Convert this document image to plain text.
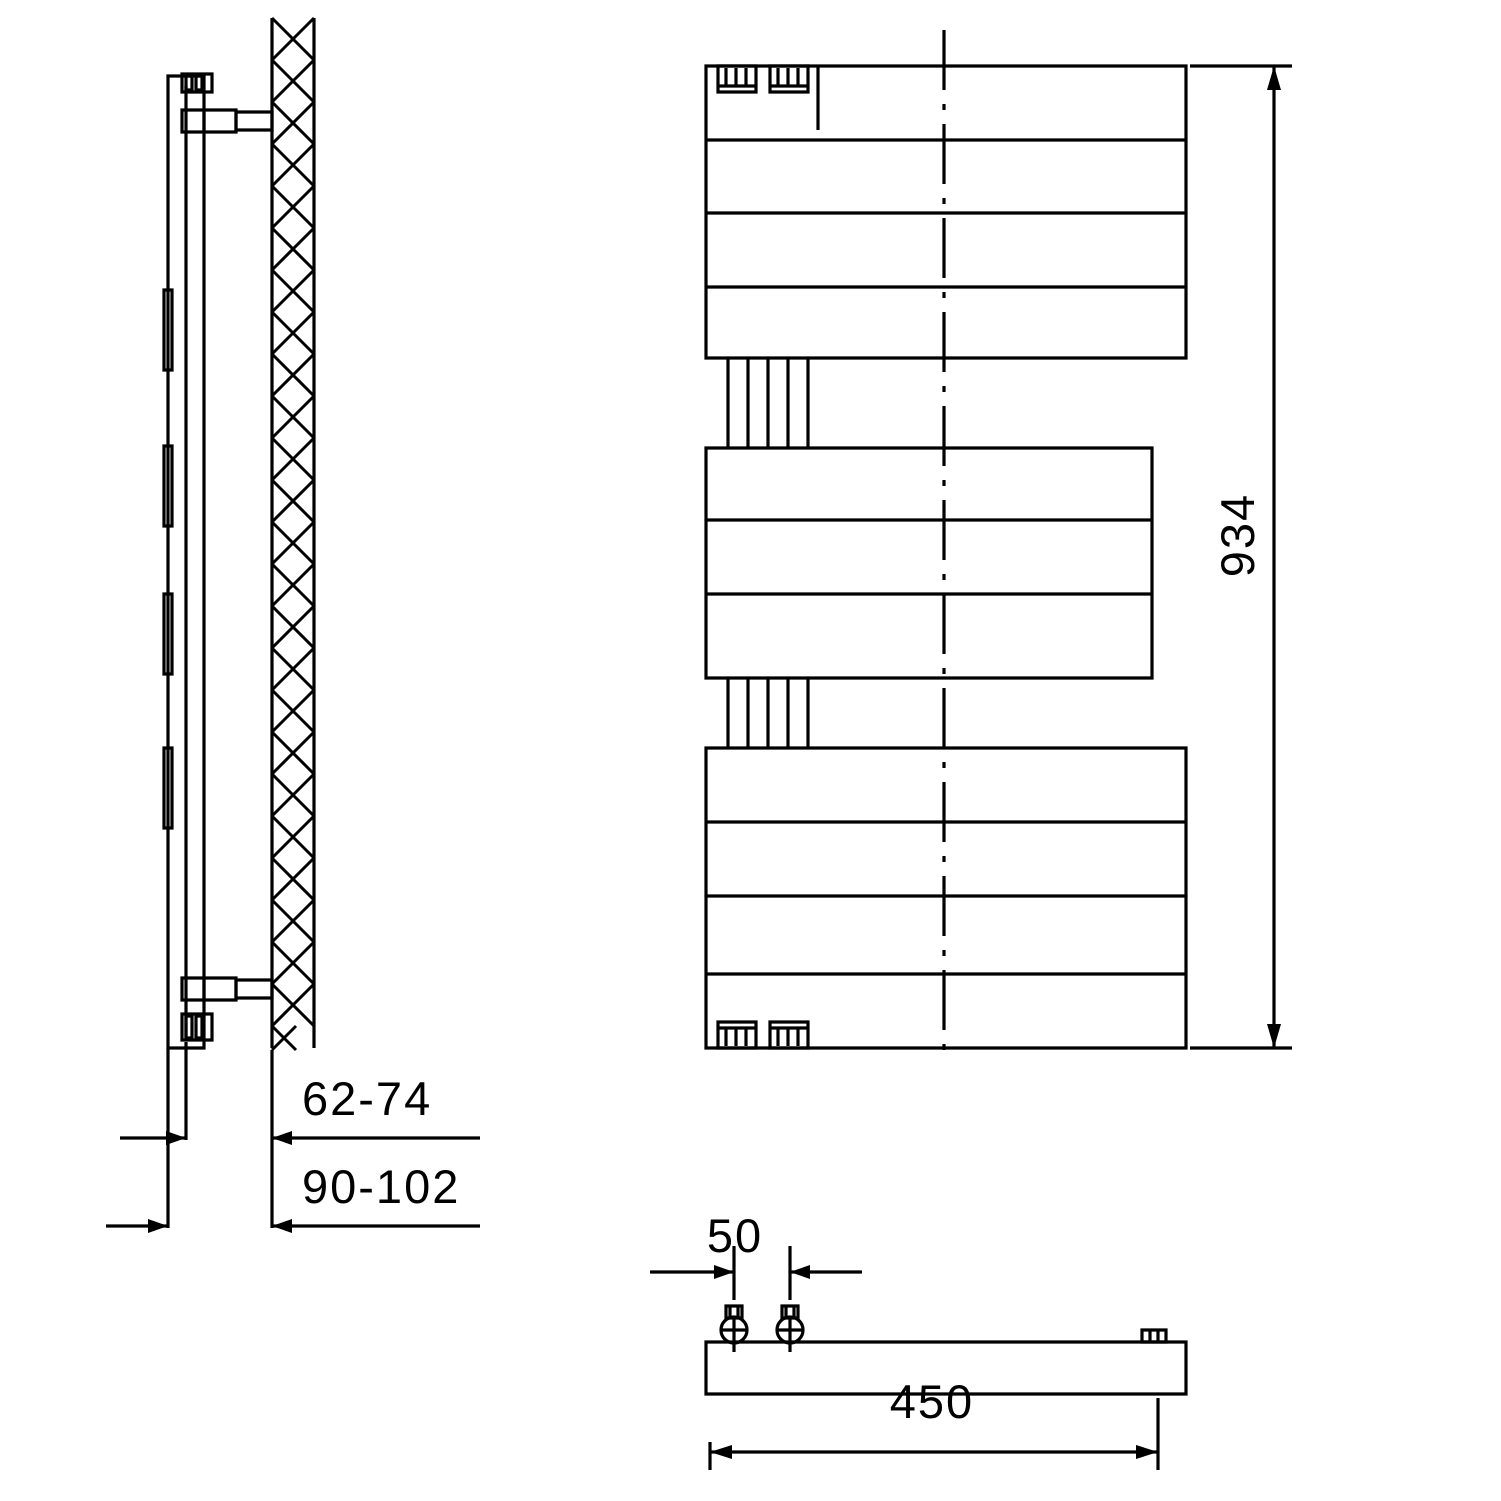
62-74
90-102
934
50
450
